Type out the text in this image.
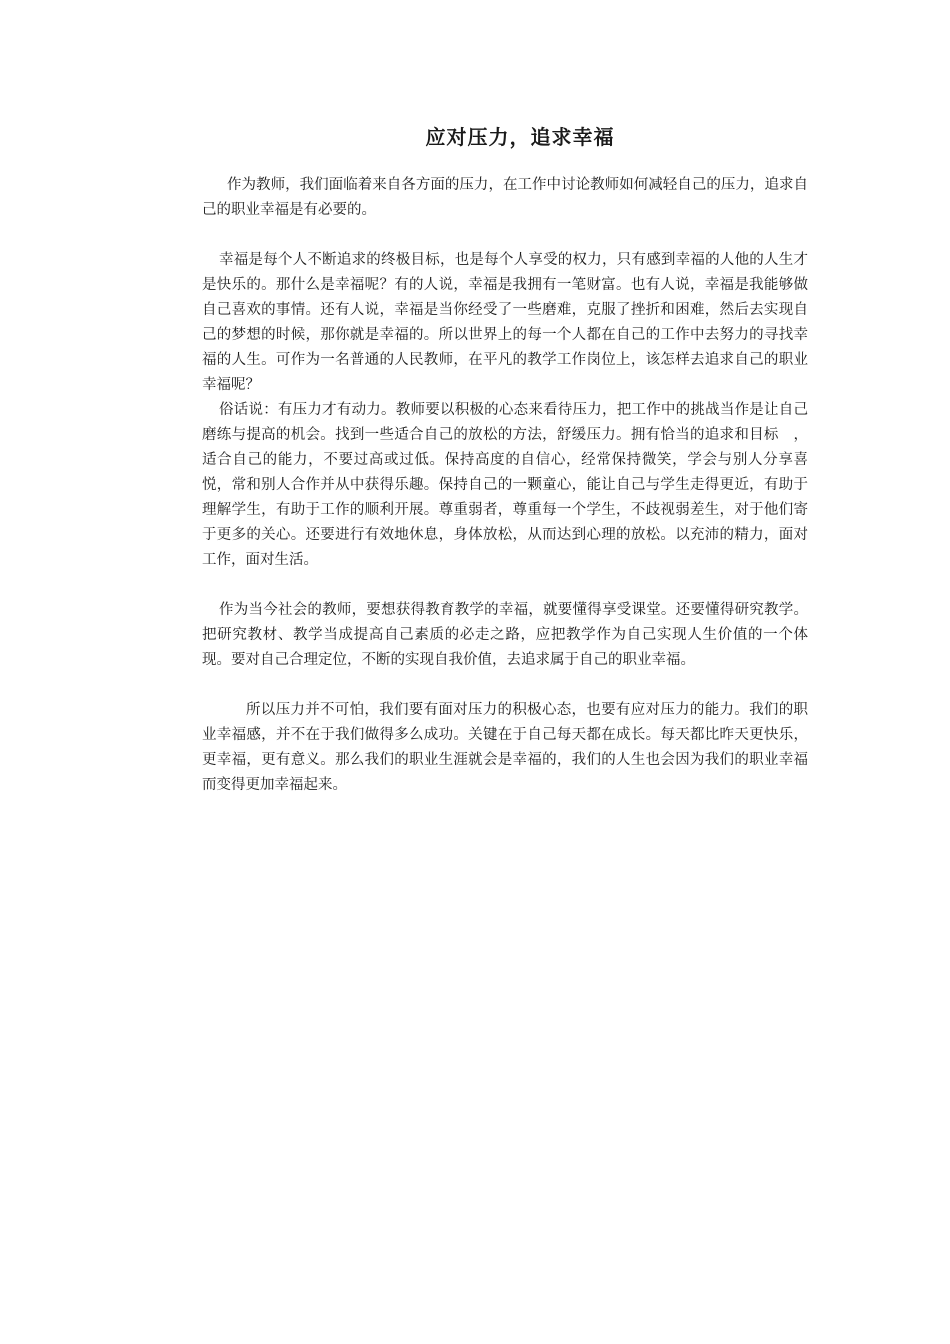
应对压力，追求幸福

作为教师，我们面临着来自各方面的压力，在工作中讨论教师如何减轻自己的压力，追求自己的职业幸福是有必要的。

幸福是每个人不断追求的终极目标，也是每个人享受的权力，只有感到幸福的人他的人生才是快乐的。那什么是幸福呢？有的人说，幸福是我拥有一笔财富。也有人说，幸福是我能够做自己喜欢的事情。还有人说，幸福是当你经受了一些磨难，克服了挫折和困难，然后去实现自己的梦想的时候，那你就是幸福的。所以世界上的每一个人都在自己的工作中去努力的寻找幸福的人生。可作为一名普通的人民教师，在平凡的教学工作岗位上，该怎样去追求自己的职业幸福呢？

俗话说：有压力才有动力。教师要以积极的心态来看待压力，把工作中的挑战当作是让自己磨练与提高的机会。找到一些适合自己的放松的方法，舒缓压力。拥有恰当的追求和目标　，适合自己的能力，不要过高或过低。保持高度的自信心，经常保持微笑，学会与别人分享喜悦，常和别人合作并从中获得乐趣。保持自己的一颗童心，能让自己与学生走得更近，有助于理解学生，有助于工作的顺利开展。尊重弱者，尊重每一个学生，不歧视弱差生，对于他们寄于更多的关心。还要进行有效地休息，身体放松，从而达到心理的放松。以充沛的精力，面对工作，面对生活。

作为当今社会的教师，要想获得教育教学的幸福，就要懂得享受课堂。还要懂得研究教学。把研究教材、教学当成提高自己素质的必走之路，应把教学作为自己实现人生价值的一个体现。要对自己合理定位，不断的实现自我价值，去追求属于自己的职业幸福。

所以压力并不可怕，我们要有面对压力的积极心态，也要有应对压力的能力。我们的职业幸福感，并不在于我们做得多么成功。关键在于自己每天都在成长。每天都比昨天更快乐，更幸福，更有意义。那么我们的职业生涯就会是幸福的，我们的人生也会因为我们的职业幸福而变得更加幸福起来。
